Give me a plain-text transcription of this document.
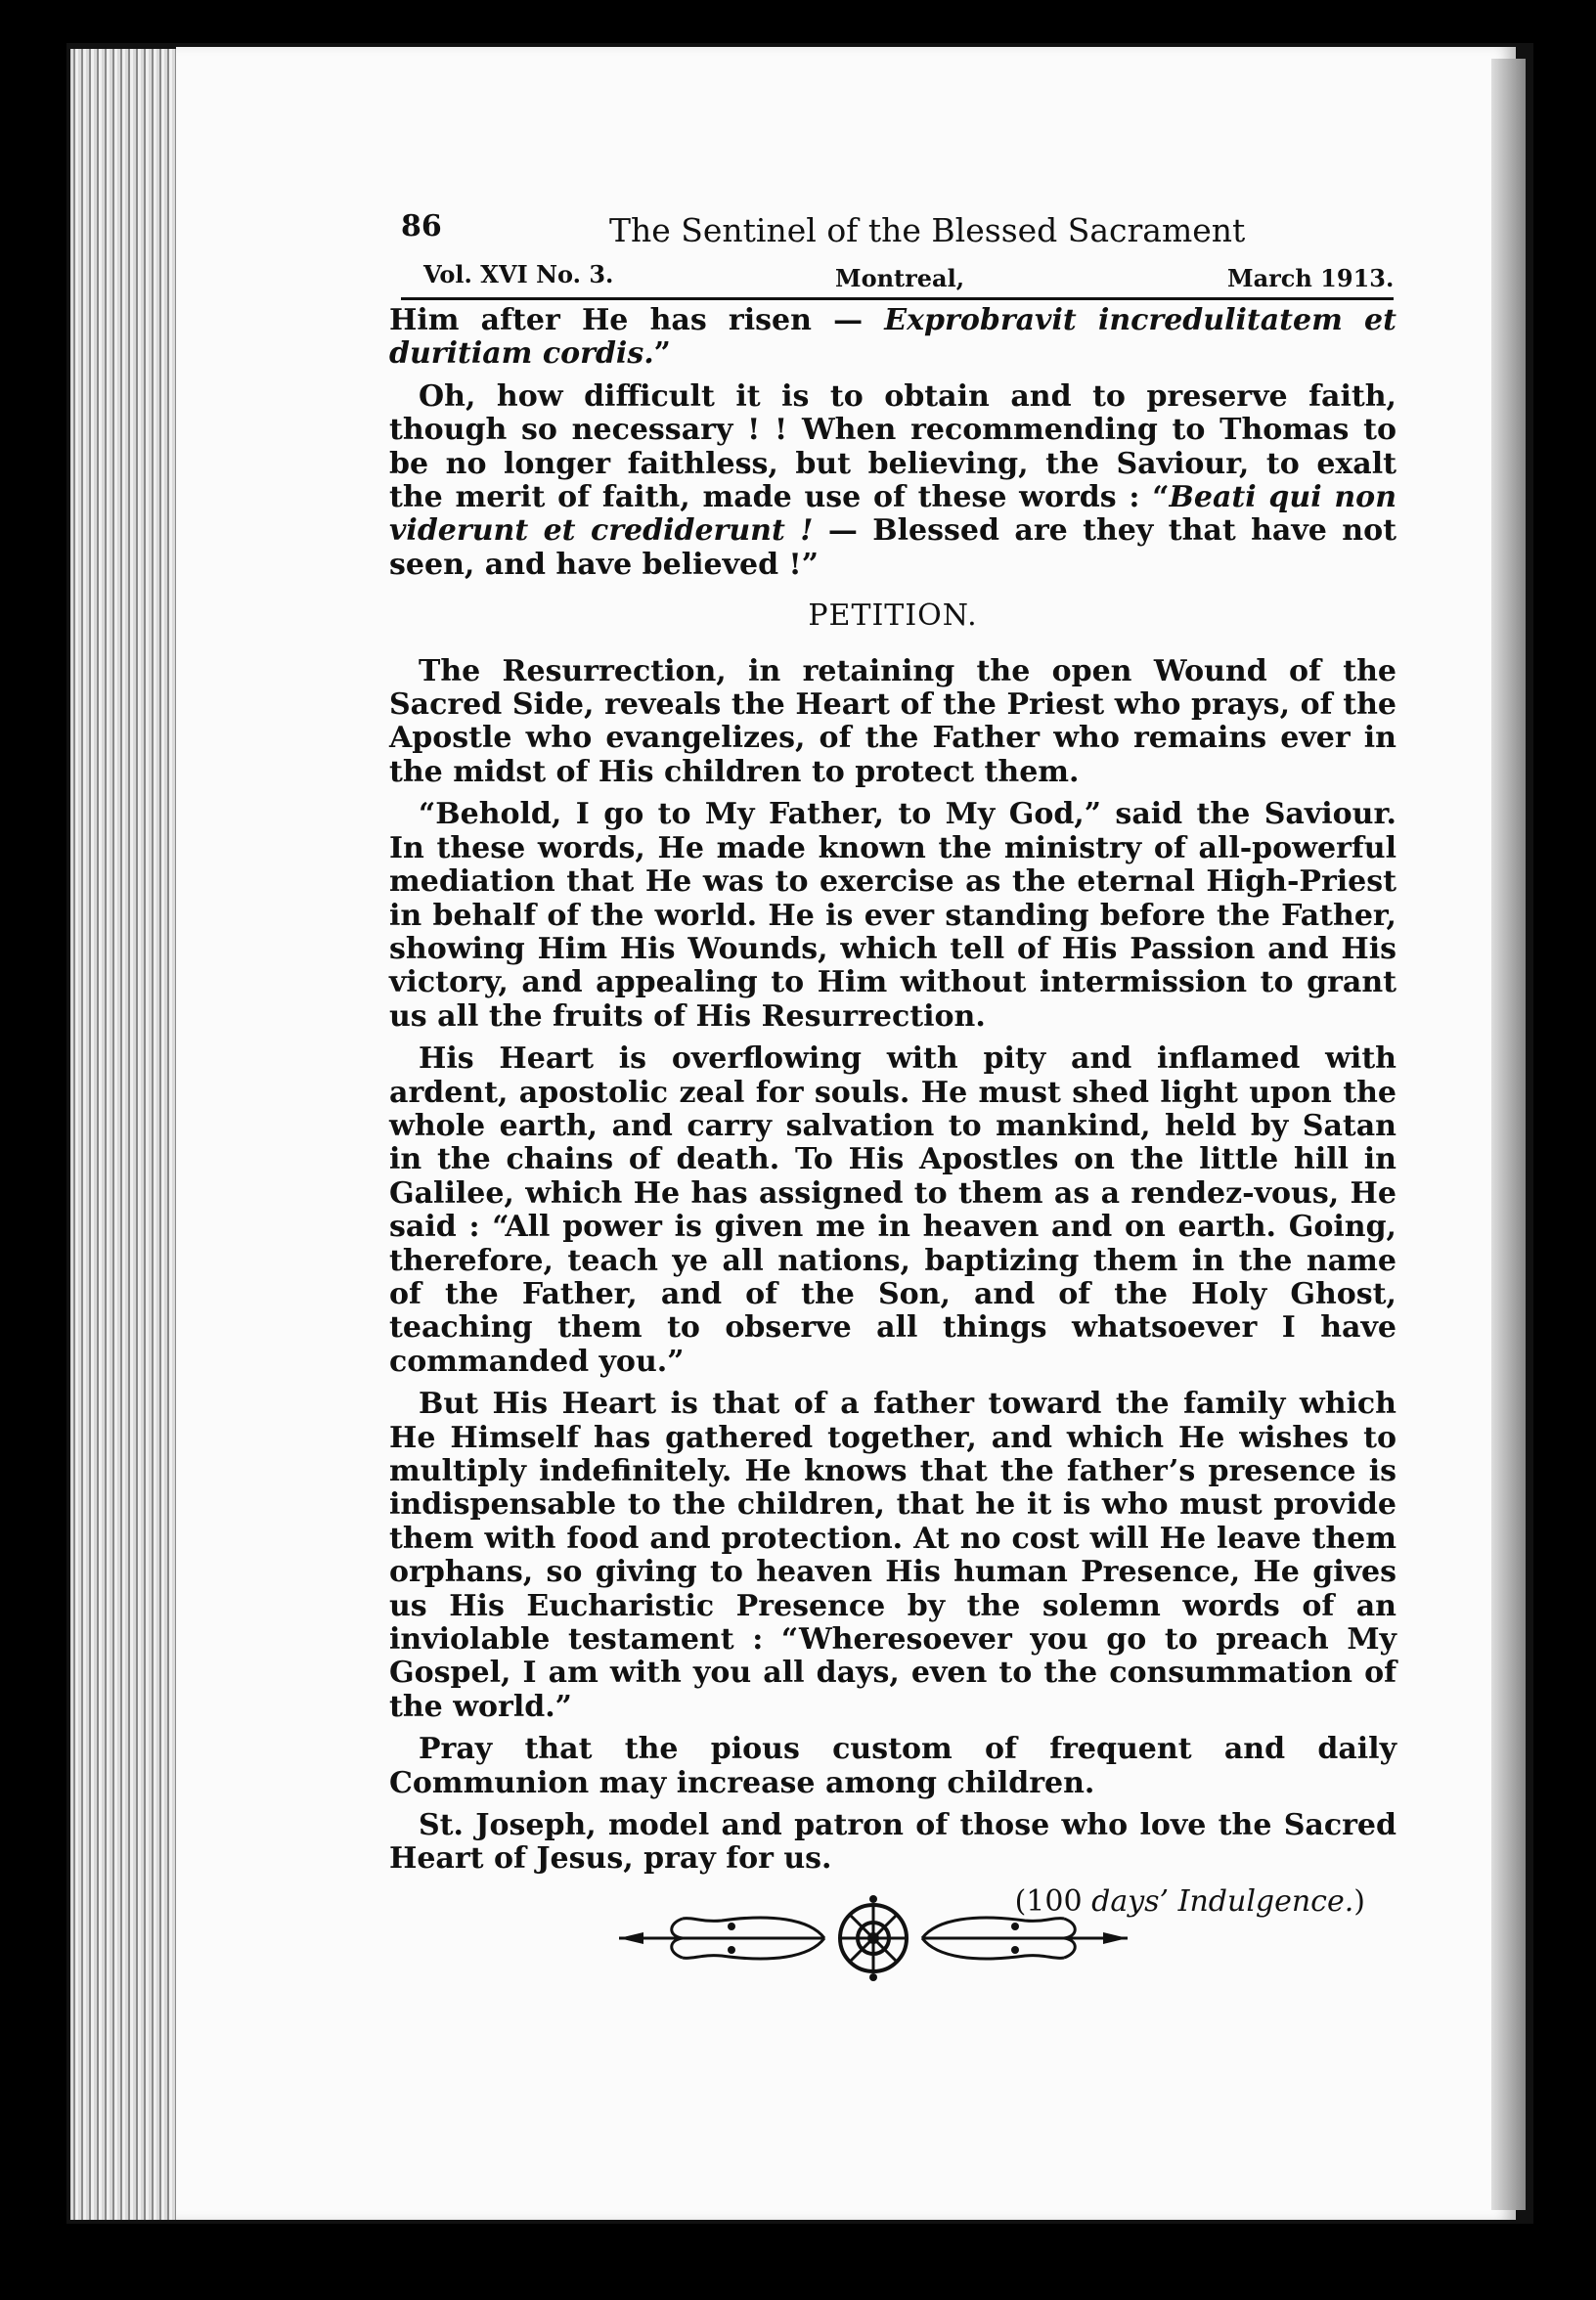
86	The Sentinel of the Blessed Sacrament
Vol. XVI No. 3.	Montreal,	March 1913.

Him after He has risen — Exprobravit incredulitatem et duritiam cordis.”

Oh, how difficult it is to obtain and to preserve faith, though so necessary ! ! When recommending to Thomas to be no longer faithless, but believing, the Saviour, to exalt the merit of faith, made use of these words : “Beati qui non viderunt et crediderunt ! — Blessed are they that have not seen, and have believed !”

PETITION.

The Resurrection, in retaining the open Wound of the Sacred Side, reveals the Heart of the Priest who prays, of the Apostle who evangelizes, of the Father who remains ever in the midst of His children to protect them.

“Behold, I go to My Father, to My God,” said the Saviour. In these words, He made known the ministry of all-powerful mediation that He was to exercise as the eternal High-Priest in behalf of the world. He is ever standing before the Father, showing Him His Wounds, which tell of His Passion and His victory, and appealing to Him without intermission to grant us all the fruits of His Resurrection.

His Heart is overflowing with pity and inflamed with ardent, apostolic zeal for souls. He must shed light upon the whole earth, and carry salvation to mankind, held by Satan in the chains of death. To His Apostles on the little hill in Galilee, which He has assigned to them as a rendez-vous, He said : “All power is given me in heaven and on earth. Going, therefore, teach ye all nations, baptizing them in the name of the Father, and of the Son, and of the Holy Ghost, teaching them to observe all things whatsoever I have commanded you.”

But His Heart is that of a father toward the family which He Himself has gathered together, and which He wishes to multiply indefinitely. He knows that the father’s presence is indispensable to the children, that he it is who must provide them with food and protection. At no cost will He leave them orphans, so giving to heaven His human Presence, He gives us His Eucharistic Presence by the solemn words of an inviolable testament : “Wheresoever you go to preach My Gospel, I am with you all days, even to the consummation of the world.”

Pray that the pious custom of frequent and daily Communion may increase among children.

St. Joseph, model and patron of those who love the Sacred Heart of Jesus, pray for us.

(100 days’ Indulgence.)
